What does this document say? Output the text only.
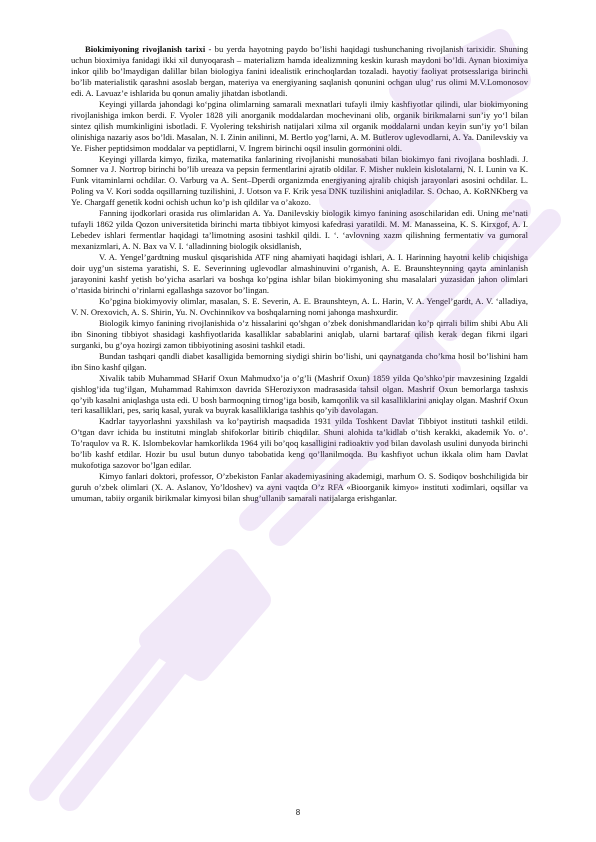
Biokimiyoning rivojlanish tarixi - bu yerda hayotning paydo bo’lishi haqidagi tushunchaning rivojlanish tarixidir. Shuning uchun bioximiya fanidagi ikki xil dunyoqarash – materializm hamda idealizmning keskin kurash maydoni bo’ldi. Aynan bioximiya inkor qilib bo’lmaydigan dalillar bilan biologiya fanini idealistik erinchoqlardan tozaladi. hayotiy faoliyat protsesslariga birinchi bo’lib materialistik qarashni asoslab bergan, materiya va energiyaning saqlanish qonunini ochgan ulug’ rus olimi M.V.Lomonosov edi. A. Lavuaz’e ishlarida bu qonun amaliy jihatdan isbotlandi.

Keyingi yillarda jahondagi ko‘pgina olimlarning samarali mexnatlari tufayli ilmiy kashfiyotlar qilindi, ular biokimyoning rivojlanishiga imkon berdi. F. Vyoler 1828 yili anorganik moddalardan mochevinani olib, organik birikmalarni sun’iy yo‘l bilan sintez qilish mumkinligini isbotladi. F. Vyolering tekshirish natijalari xilma xil organik moddalarni undan keyin sun’iy yo‘l bilan olinishiga nazariy asos bo’ldi. Masalan, N. I. Zinin anilinni, M. Bertlo yog’larni, A. M. Butlerov uglevodlarni, A. Ya. Danilevskiy va Ye. Fisher peptidsimon moddalar va peptidlarni, V. Ingrem birinchi oqsil insulin gormonini oldi.

Keyingi yillarda kimyo, fizika, matematika fanlarining rivojlanishi munosabati bilan biokimyo fani rivojlana boshladi. J. Somner va J. Nortrop birinchi bo’lib ureaza va pepsin fermentlarini ajratib oldilar. F. Misher nuklein kislotalarni, N. I. Lunin va K. Funk vitaminlarni ochdilar. O. Varburg va A. Sent–Dperdi organizmda energiyaning ajralib chiqish jarayonlari asosini ochdilar. L. Poling va V. Kori sodda oqsillarning tuzilishini, J. Uotson va F. Krik yesa DNK tuzilishini aniqladilar. S. Ochao, A. KoRNKberg va Ye. Chargaff genetik kodni ochish uchun ko’p ish qildilar va o’akozo.

Fanning ijodkorlari orasida rus olimlaridan A. Ya. Danilevskiy biologik kimyo fanining asoschilaridan edi. Uning me’nati tufayli 1862 yilda Qozon universitetida birinchi marta tibbiyot kimyosi kafedrasi yaratildi. M. M. Manasseina, K. S. Kirxgof, A. I. Lebedev ishlari fermentlar haqidagi ta’limotning asosini tashkil qildi. I. ‘. ‘avlovning xazm qilishning fermentativ va gumoral mexanizmlari, A. N. Bax va V. I. ‘alladinning biologik oksidlanish,

V. A. Yengel’gardtning muskul qisqarishida ATF ning ahamiyati haqidagi ishlari, A. I. Harinning hayotni kelib chiqishiga doir uyg’un sistema yaratishi, S. E. Severinning uglevodlar almashinuvini o’rganish, A. E. Braunshteynning qayta aminlanish jarayonini kashf yetish bo’yicha asarlari va boshqa ko’pgina ishlar bilan biokimyoning shu masalalari yuzasidan jahon olimlari o’rtasida birinchi o’rinlarni egallashga sazovor bo’lingan.

Ko’pgina biokimyoviy olimlar, masalan, S. E. Severin, A. E. Braunshteyn, A. L. Harin, V. A. Yengel’gardt, A. V. ‘alladiya, V. N. Orexovich, A. S. Shirin, Yu. N. Ovchinnikov va boshqalarning nomi jahonga mashxurdir.

Biologik kimyo fanining rivojlanishida o’z hissalarini qo’shgan o’zbek donishmandlaridan ko’p qirrali bilim shibi Abu Ali ibn Sinoning tibbiyot shasidagi kashfiyotlarida kasalliklar sabablarini aniqlab, ularni bartaraf qilish kerak degan fikrni ilgari surganki, bu g’oya hozirgi zamon tibbiyotining asosini tashkil etadi.

Bundan tashqari qandli diabet kasalligida bemorning siydigi shirin bo‘lishi, uni qaynatganda cho’kma hosil bo’lishini ham ibn Sino kashf qilgan.

Xivalik tabib Muhammad SHarif Oxun Mahmudxo’ja o’g’li (Mashrif Oxun) 1859 yilda Qo’shko’pir mavzesining Izgaldi qishlog’ida tug’ilgan, Muhammad Rahimxon davrida SHeroziyxon madrasasida tahsil olgan. Mashrif Oxun bemorlarga tashxis qo’yib kasalni aniqlashga usta edi. U bosh barmoqning tirnog’iga bosib, kamqonlik va sil kasalliklarini aniqlay olgan. Mashrif Oxun teri kasalliklari, pes, sariq kasal, yurak va buyrak kasalliklariga tashhis qo’yib davolagan.

Kadrlar tayyorlashni yaxshilash va ko’paytirish maqsadida 1931 yilda Toshkent Davlat Tibbiyot instituti tashkil etildi. O’tgan davr ichida bu institutni minglab shifokorlar bitirib chiqdilar. Shuni alohida ta’kidlab o’tish kerakki, akademik Yo. o’. To’raqulov va R. K. Islombekovlar hamkorlikda 1964 yili bo’qoq kasalligini radioaktiv yod bilan davolash usulini dunyoda birinchi bo’lib kashf etdilar. Hozir bu usul butun dunyo tabobatida keng qo’llanilmoqda. Bu kashfiyot uchun ikkala olim ham Davlat mukofotiga sazovor bo’lgan edilar.

Kimyo fanlari doktori, professor, O’zbekiston Fanlar akademiyasining akademigi, marhum O. S. Sodiqov boshchiligida bir guruh o’zbek olimlari (X. A. Aslanov, Yo’ldoshev) va ayni vaqtda O’z RFA «Bioorganik kimyo» instituti xodimlari, oqsillar va umuman, tabiiy organik birikmalar kimyosi bilan shug’ullanib samarali natijalarga erishganlar.

8
